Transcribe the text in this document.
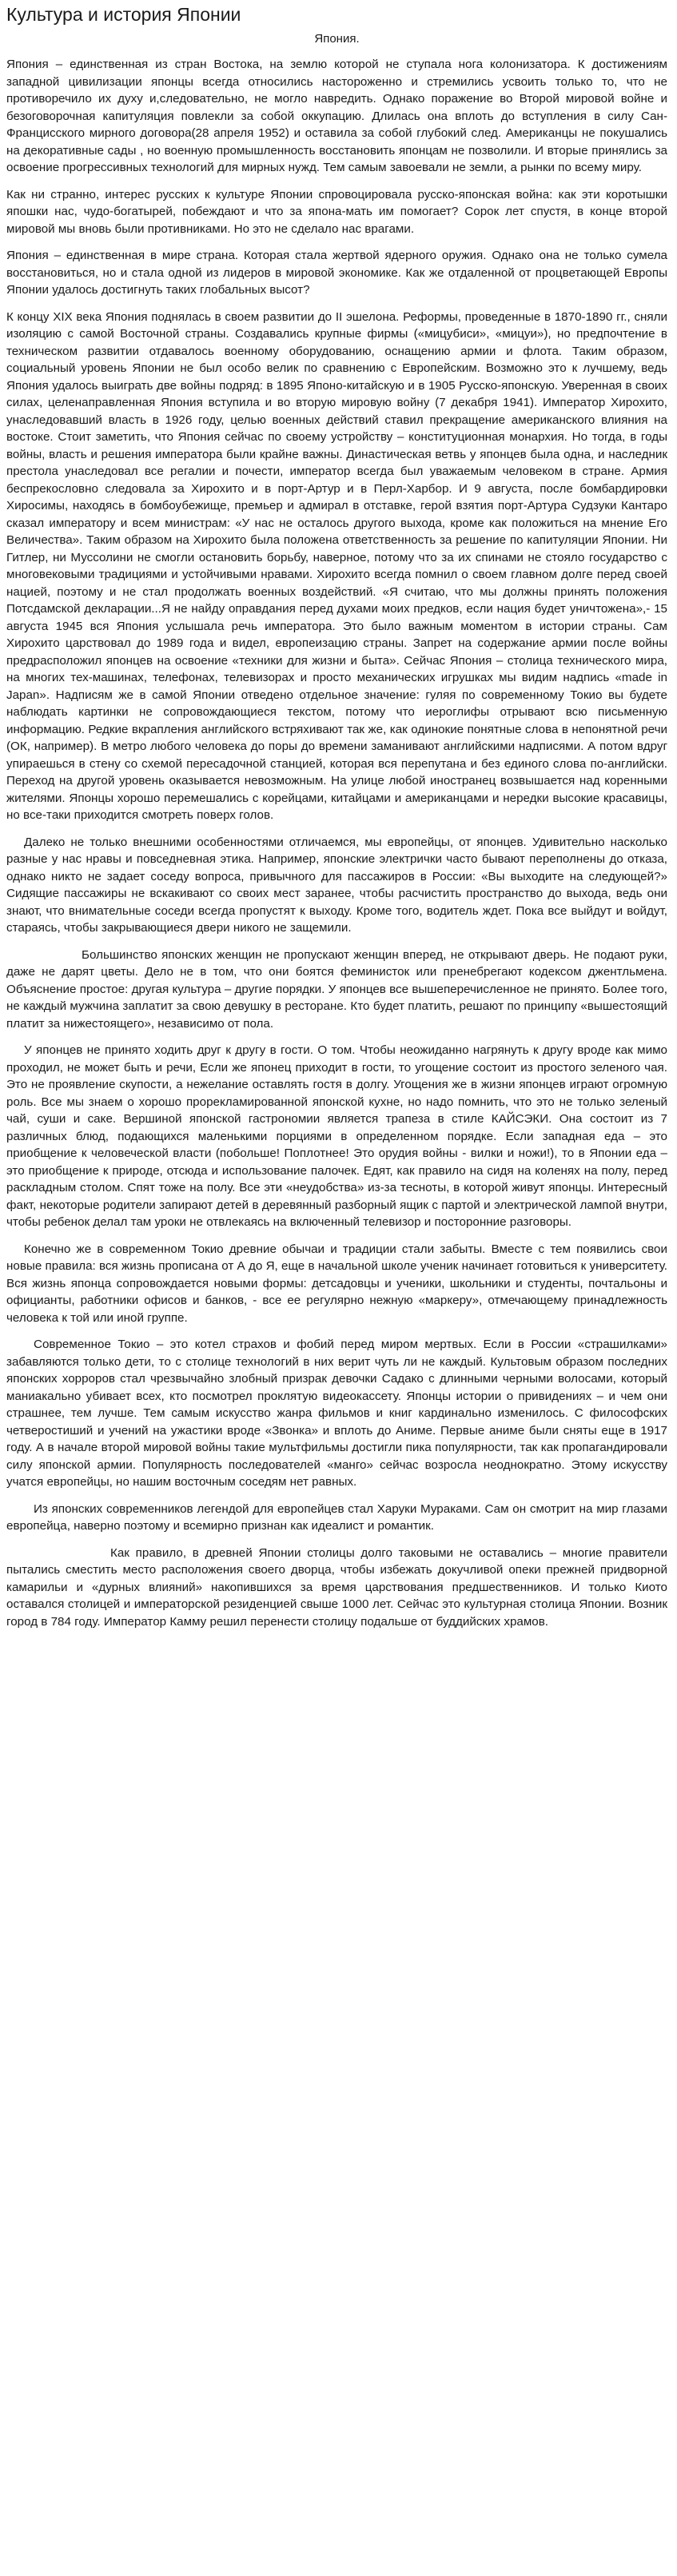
Культура и история Японии
Япония.

Япония – единственная из стран Востока, на землю которой не ступала нога колонизатора. К достижениям западной цивилизации японцы всегда относились настороженно и стремились усвоить только то, что не противоречило их духу и,следовательно, не могло навредить. Однако поражение во Второй мировой войне и безоговорочная капитуляция повлекли за собой оккупацию. Длилась она вплоть до вступления в силу Сан-Францисского мирного договора(28 апреля 1952) и оставила за собой глубокий след. Американцы не покушались на декоративные сады , но военную промышленность восстановить японцам не позволили. И вторые принялись за освоение прогрессивных технологий для мирных нужд. Тем самым завоевали не земли, а рынки по всему миру.

Как ни странно, интерес русских к культуре Японии спровоцировала русско-японская война: как эти коротышки япошки нас, чудо-богатырей, побеждают и что за япона-мать им помогает? Сорок лет спустя, в конце второй мировой мы вновь были противниками. Но это не сделало нас врагами.

Япония – единственная в мире страна. Которая стала жертвой ядерного оружия. Однако она не только сумела восстановиться, но и стала одной из лидеров в мировой экономике. Как же отдаленной от процветающей Европы Японии удалось достигнуть таких глобальных высот?

К концу XIX века Япония поднялась в своем развитии до II эшелона. Реформы, проведенные в 1870-1890 гг., сняли изоляцию с самой Восточной страны. Создавались крупные фирмы («мицубиси», «мицуи»), но предпочтение в техническом развитии отдавалось военному оборудованию, оснащению армии и флота. Таким образом, социальный уровень Японии не был особо велик по сравнению с Европейским. Возможно это к лучшему, ведь Япония удалось выиграть две войны подряд: в 1895 Японо-китайскую и в 1905 Русско-японскую. Уверенная в своих силах, целенаправленная Япония вступила и во вторую мировую войну (7 декабря 1941). Император Хирохито, унаследовавший власть в 1926 году, целью военных действий ставил прекращение американского влияния на востоке. Стоит заметить, что Япония сейчас по своему устройству – конституционная монархия. Но тогда, в годы войны, власть и решения императора были крайне важны. Династическая ветвь у японцев была одна, и наследник престола унаследовал все регалии и почести, император всегда был уважаемым человеком в стране. Армия беспрекословно следовала за Хирохито и в порт-Артур и в Перл-Харбор. И 9 августа, после бомбардировки Хиросимы, находясь в бомбоубежище, премьер и адмирал в отставке, герой взятия порт-Артура Судзуки Кантаро сказал императору и всем министрам: «У нас не осталось другого выхода, кроме как положиться на мнение Его Величества». Таким образом на Хирохито была положена ответственность за решение по капитуляции Японии. Ни Гитлер, ни Муссолини не смогли остановить борьбу, наверное, потому что за их спинами не стояло государство с многовековыми традициями и устойчивыми нравами. Хирохито всегда помнил о своем главном долге перед своей нацией, поэтому и не стал продолжать военных воздействий. «Я считаю, что мы должны принять положения Потсдамской декларации...Я не найду оправдания перед духами моих предков, если нация будет уничтожена»,- 15 августа 1945 вся Япония услышала речь императора. Это было важным моментом в истории страны. Сам Хирохито царствовал до 1989 года и видел, европеизацию страны. Запрет на содержание армии после войны предрасположил японцев на освоение «техники для жизни и быта». Сейчас Япония – столица технического мира, на многих тех-машинах, телефонах, телевизорах и просто механических игрушках мы видим надпись «made in Japan». Надписям же в самой Японии отведено отдельное значение: гуляя по современному Токио вы будете наблюдать картинки не сопровождающиеся текстом, потому что иероглифы отрывают всю письменную информацию. Редкие вкрапления английского встряхивают так же, как одинокие понятные слова в непонятной речи (ОК, например). В метро любого человека до поры до времени заманивают английскими надписями. А потом вдруг упираешься в стену со схемой пересадочной станцией, которая вся перепутана и без единого слова по-английски. Переход на другой уровень оказывается невозможным. На улице любой иностранец возвышается над коренными жителями. Японцы хорошо перемешались с корейцами, китайцами и американцами и нередки высокие красавицы, но все-таки приходится смотреть поверх голов.

Далеко не только внешними особенностями отличаемся, мы европейцы, от японцев. Удивительно насколько разные у нас нравы и повседневная этика. Например, японские электрички часто бывают переполнены до отказа, однако никто не задает соседу вопроса, привычного для пассажиров в России: «Вы выходите на следующей?» Сидящие пассажиры не вскакивают со своих мест заранее, чтобы расчистить пространство до выхода, ведь они знают, что внимательные соседи всегда пропустят к выходу. Кроме того, водитель ждет. Пока все выйдут и войдут, стараясь, чтобы закрывающиеся двери никого не защемили.

Большинство японских женщин не пропускают женщин вперед, не открывают дверь. Не подают руки, даже не дарят цветы. Дело не в том, что они боятся феминисток или пренебрегают кодексом джентльмена. Объяснение простое: другая культура – другие порядки. У японцев все вышеперечисленное не принято. Более того, не каждый мужчина заплатит за свою девушку в ресторане. Кто будет платить, решают по принципу «вышестоящий платит за нижестоящего», независимо от пола.

У японцев не принято ходить друг к другу в гости. О том. Чтобы неожиданно нагрянуть к другу вроде как мимо проходил, не может быть и речи, Если же японец приходит в гости, то угощение состоит из простого зеленого чая. Это не проявление скупости, а нежелание оставлять гостя в долгу. Угощения же в жизни японцев играют огромную роль. Все мы знаем о хорошо прорекламированной японской кухне, но надо помнить, что это не только зеленый чай, суши и саке. Вершиной японской гастрономии является трапеза в стиле КАЙСЭКИ. Она состоит из 7 различных блюд, подающихся маленькими порциями в определенном порядке. Если западная еда – это приобщение к человеческой власти (побольше! Поплотнее! Это орудия войны - вилки и ножи!), то в Японии еда – это приобщение к природе, отсюда и использование палочек. Едят, как правило на сидя на коленях на полу, перед раскладным столом. Спят тоже на полу. Все эти «неудобства» из-за тесноты, в которой живут японцы. Интересный факт, некоторые родители запирают детей в деревянный разборный ящик с партой и электрической лампой внутри, чтобы ребенок делал там уроки не отвлекаясь на включенный телевизор и посторонние разговоры.

Конечно же в современном Токио древние обычаи и традиции стали забыты. Вместе с тем появились свои новые правила: вся жизнь прописана от А до Я, еще в начальной школе ученик начинает готовиться к университету. Вся жизнь японца сопровождается новыми формы: детсадовцы и ученики, школьники и студенты, почтальоны и официанты, работники офисов и банков, - все ее регулярно нежную «маркеру», отмечающему принадлежность человека к той или иной группе.

Современное Токио – это котел страхов и фобий перед миром мертвых. Если в России «страшилками» забавляются только дети, то с столице технологий в них верит чуть ли не каждый. Культовым образом последних японских хорроров стал чрезвычайно злобный призрак девочки Садако с длинными черными волосами, который маниакально убивает всех, кто посмотрел проклятую видеокассету. Японцы истории о привидениях – и чем они страшнее, тем лучше. Тем самым искусство жанра фильмов и книг кардинально изменилось. С философских четверостиший и учений на ужастики вроде «Звонка» и вплоть до Аниме. Первые аниме были сняты еще в 1917 году. А в начале второй мировой войны такие мультфильмы достигли пика популярности, так как пропагандировали силу японской армии. Популярность последователей «манго» сейчас возросла неоднократно. Этому искусству учатся европейцы, но нашим восточным соседям нет равных.

Из японских современников легендой для европейцев стал Харуки Мураками. Сам он смотрит на мир глазами европейца, наверно поэтому и всемирно признан как идеалист и романтик.

Как правило, в древней Японии столицы долго таковыми не оставались – многие правители пытались сместить место расположения своего дворца, чтобы избежать докучливой опеки прежней придворной камарильи и «дурных влияний» накопившихся за время царствования предшественников. И только Киото оставался столицей и императорской резиденцией свыше 1000 лет. Сейчас это культурная столица Японии. Возник город в 784 году. Император Камму решил перенести столицу подальше от буддийских храмов.
